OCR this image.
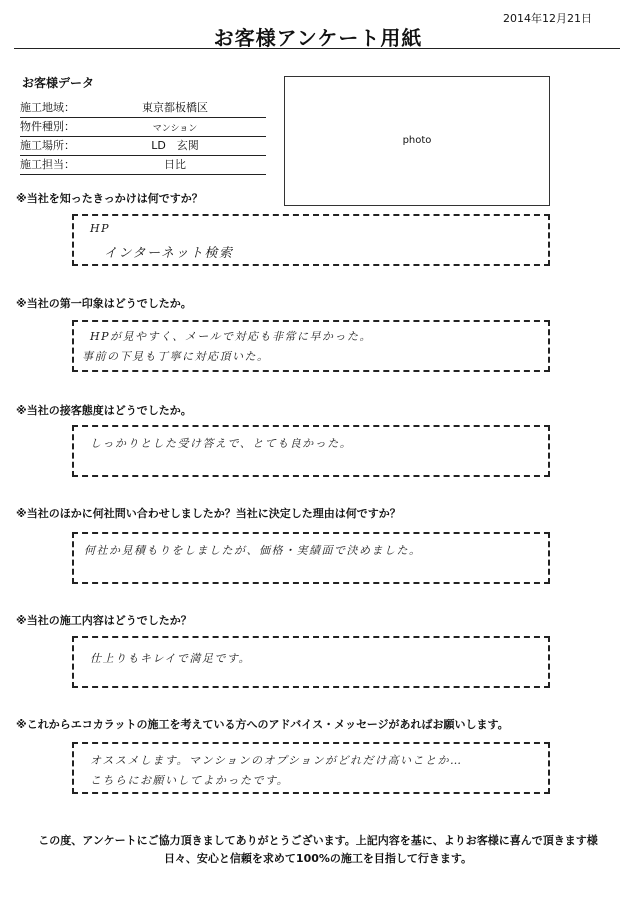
2014年12月21日
お客様アンケート用紙
お客様データ
施工地域：	東京都板橋区
物件種別：	マンション
施工場所：	LD　玄関
施工担当：	日比
photo
※当社を知ったきっかけは何ですか？
HP
インターネット検索
※当社の第一印象はどうでしたか。
HPが見やすく、メールで対応も非常に早かった。
事前の下見も丁寧に対応頂いた。
※当社の接客態度はどうでしたか。
しっかりとした受け答えで、とても良かった。
※当社のほかに何社問い合わせしましたか？当社に決定した理由は何ですか？
何社か見積もりをしましたが、価格・実績面で決めました。
※当社の施工内容はどうでしたか？
仕上りもキレイで満足です。
※これからエコカラットの施工を考えている方へのアドバイス・メッセージがあればお願いします。
オススメします。マンションのオプションがどれだけ高いことか…
こちらにお願いしてよかったです。
この度、アンケートにご協力頂きましてありがとうございます。上記内容を基に、よりお客様に喜んで頂きます様
日々、安心と信頼を求めて100%の施工を目指して行きます。
